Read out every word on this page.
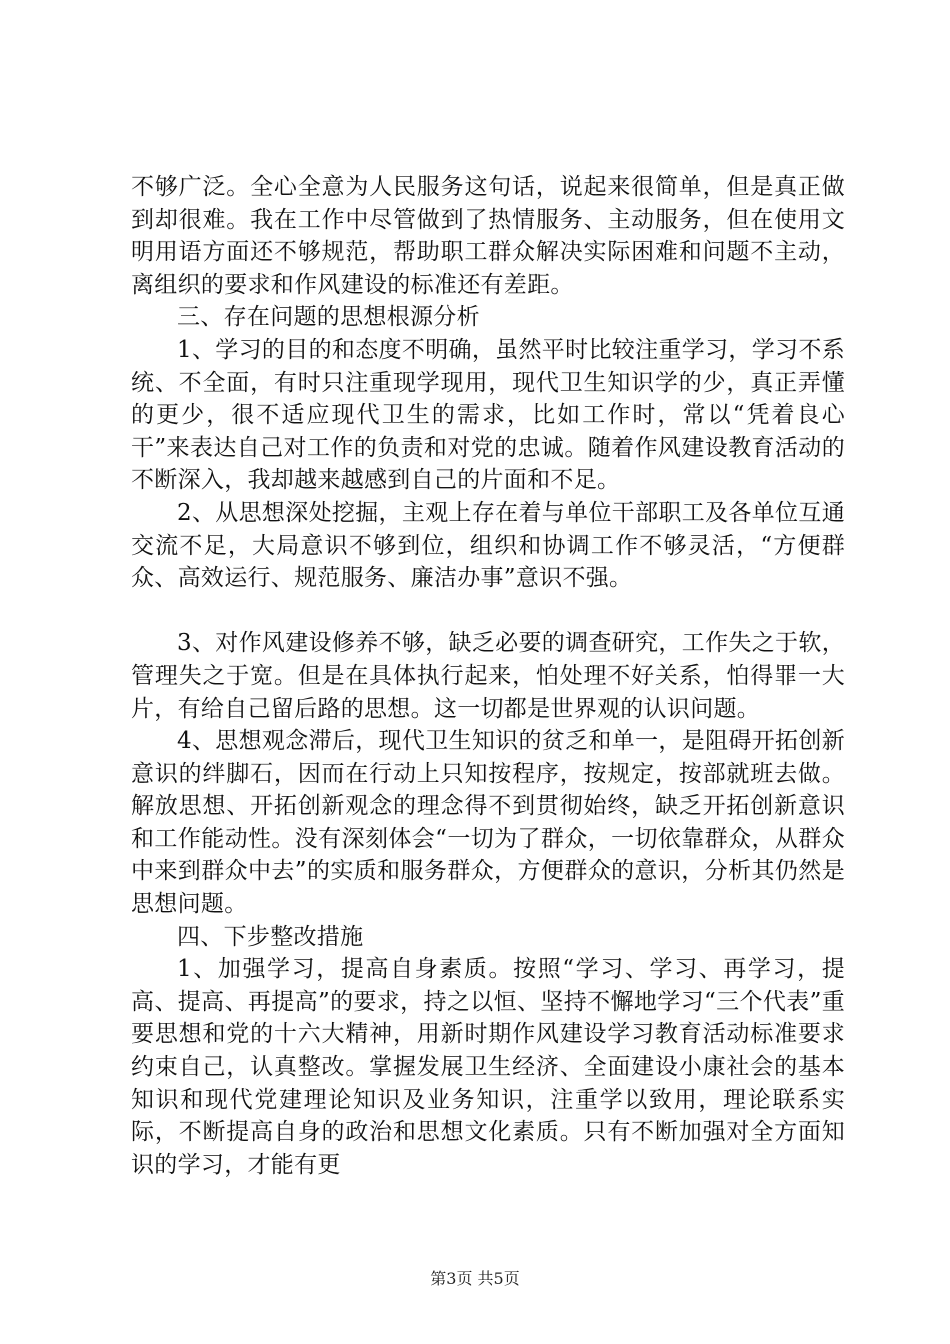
不够广泛。全心全意为人民服务这句话，说起来很简单，但是真正做到却很难。我在工作中尽管做到了热情服务、主动服务，但在使用文明用语方面还不够规范，帮助职工群众解决实际困难和问题不主动，离组织的要求和作风建设的标准还有差距。

三、存在问题的思想根源分析

1、学习的目的和态度不明确，虽然平时比较注重学习，学习不系统、不全面，有时只注重现学现用，现代卫生知识学的少，真正弄懂的更少，很不适应现代卫生的需求，比如工作时，常以“凭着良心干”来表达自己对工作的负责和对党的忠诚。随着作风建设教育活动的不断深入，我却越来越感到自己的片面和不足。

2、从思想深处挖掘，主观上存在着与单位干部职工及各单位互通交流不足，大局意识不够到位，组织和协调工作不够灵活，“方便群众、高效运行、规范服务、廉洁办事”意识不强。

3、对作风建设修养不够，缺乏必要的调查研究，工作失之于软，管理失之于宽。但是在具体执行起来，怕处理不好关系，怕得罪一大片，有给自己留后路的思想。这一切都是世界观的认识问题。

4、思想观念滞后，现代卫生知识的贫乏和单一，是阻碍开拓创新意识的绊脚石，因而在行动上只知按程序，按规定，按部就班去做。解放思想、开拓创新观念的理念得不到贯彻始终，缺乏开拓创新意识和工作能动性。没有深刻体会“一切为了群众，一切依靠群众，从群众中来到群众中去”的实质和服务群众，方便群众的意识，分析其仍然是思想问题。

四、下步整改措施

1、加强学习，提高自身素质。按照“学习、学习、再学习，提高、提高、再提高”的要求，持之以恒、坚持不懈地学习“三个代表”重要思想和党的十六大精神，用新时期作风建设学习教育活动标准要求约束自己，认真整改。掌握发展卫生经济、全面建设小康社会的基本知识和现代党建理论知识及业务知识，注重学以致用，理论联系实际，不断提高自身的政治和思想文化素质。只有不断加强对全方面知识的学习，才能有更

第3页 共5页
